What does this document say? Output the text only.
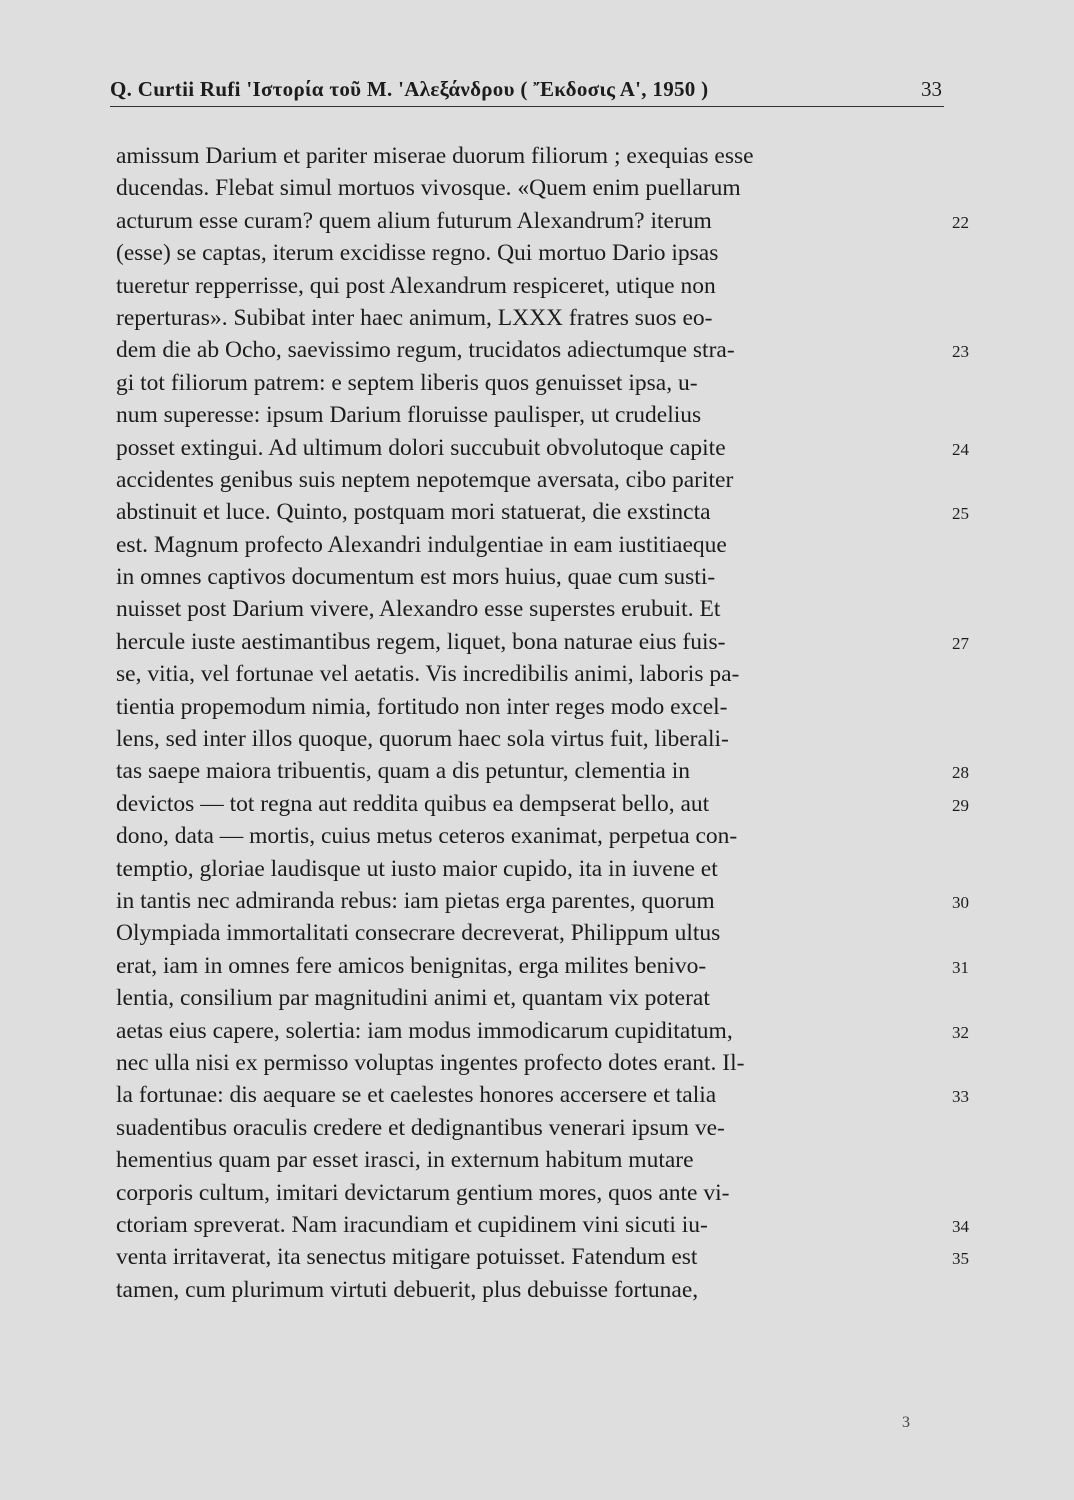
Q. Curtii Rufi 'Ιστορία τοῦ Μ. 'Αλεξάνδρου ( Ἔκδοσις Α', 1950 )	33
amissum Darium et pariter miserae duorum filiorum ; exequias esse
ducendas. Flebat simul mortuos vivosque. «Quem enim puellarum
acturum esse curam? quem alium futurum Alexandrum? iterum	22
(esse) se captas, iterum excidisse regno. Qui mortuo Dario ipsas
tueretur repperrisse, qui post Alexandrum respiceret, utique non
reperturas». Subibat inter haec animum, LXXX fratres suos eo-
dem die ab Ocho, saevissimo regum, trucidatos adiectumque stra-	23
gi tot filiorum patrem: e septem liberis quos genuisset ipsa, u-
num superesse: ipsum Darium floruisse paulisper, ut crudelius
posset extingui. Ad ultimum dolori succubuit obvolutoque capite	24
accidentes genibus suis neptem nepotemque aversata, cibo pariter
abstinuit et luce. Quinto, postquam mori statuerat, die exstincta	25
est. Magnum profecto Alexandri indulgentiae in eam iustitiaeque
in omnes captivos documentum est mors huius, quae cum susti-
nuisset post Darium vivere, Alexandro esse superstes erubuit. Et
hercule iuste aestimantibus regem, liquet, bona naturae eius fuis-	27
se, vitia, vel fortunae vel aetatis. Vis incredibilis animi, laboris pa-
tientia propemodum nimia, fortitudo non inter reges modo excel-
lens, sed inter illos quoque, quorum haec sola virtus fuit, liberali-
tas saepe maiora tribuentis, quam a dis petuntur, clementia in	28
devictos — tot regna aut reddita quibus ea dempserat bello, aut	29
dono, data — mortis, cuius metus ceteros exanimat, perpetua con-
temptio, gloriae laudisque ut iusto maior cupido, ita in iuvene et
in tantis nec admiranda rebus: iam pietas erga parentes, quorum	30
Olympiada immortalitati consecrare decreverat, Philippum ultus
erat, iam in omnes fere amicos benignitas, erga milites benivo-	31
lentia, consilium par magnitudini animi et, quantam vix poterat
aetas eius capere, solertia: iam modus immodicarum cupiditatum,	32
nec ulla nisi ex permisso voluptas ingentes profecto dotes erant. Il-
la fortunae: dis aequare se et caelestes honores accersere et talia	33
suadentibus oraculis credere et dedignantibus venerari ipsum ve-
hementius quam par esset irasci, in externum habitum mutare
corporis cultum, imitari devictarum gentium mores, quos ante vi-
ctoriam spreverat. Nam iracundiam et cupidinem vini sicuti iu-	34
venta irritaverat, ita senectus mitigare potuisset. Fatendum est	35
tamen, cum plurimum virtuti debuerit, plus debuisse fortunae,
3
